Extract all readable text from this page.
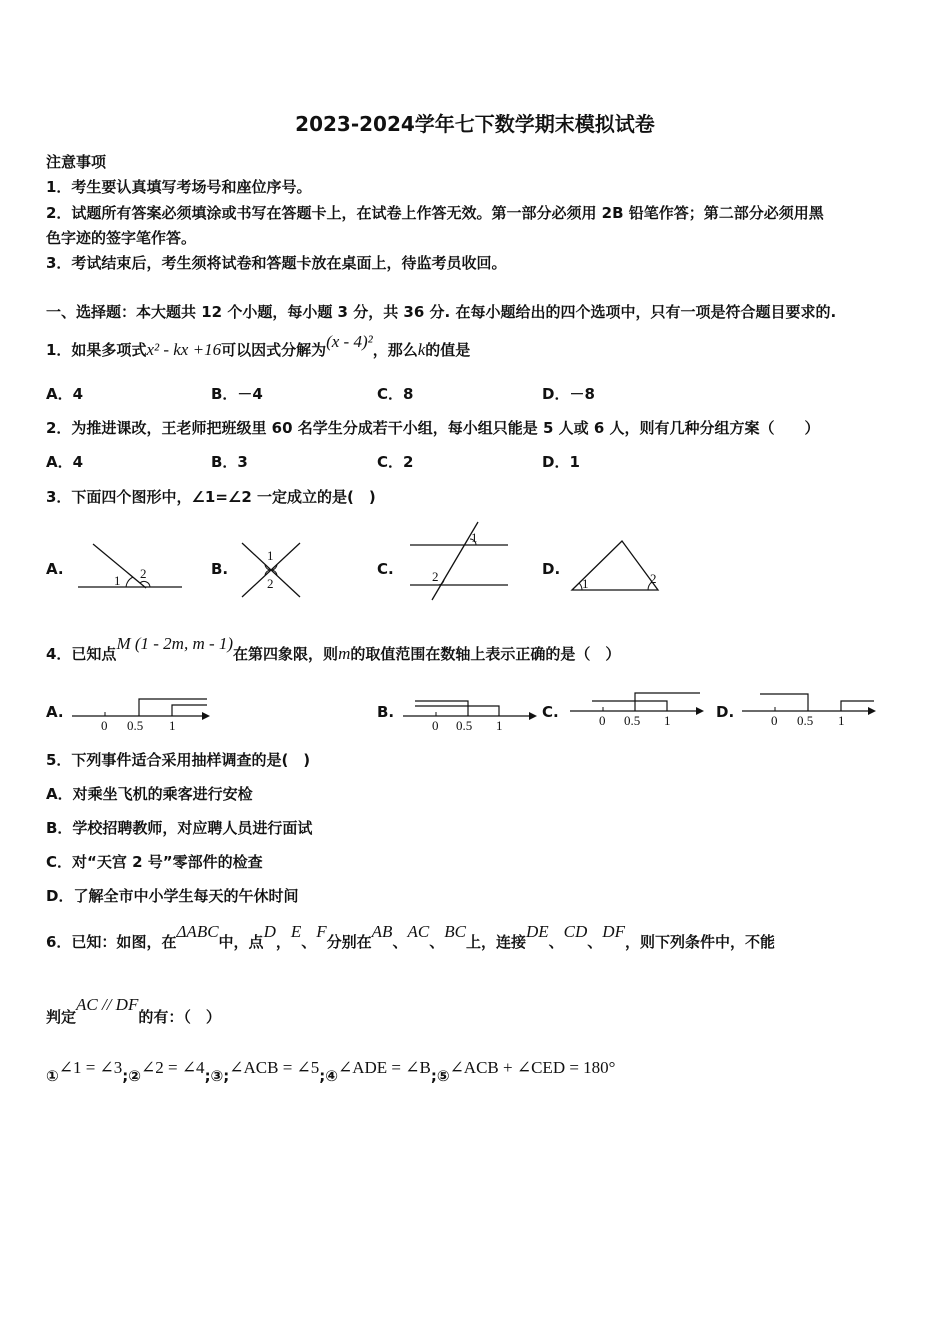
2023-2024学年七下数学期末模拟试卷
注意事项
1．考生要认真填写考场号和座位序号。
2．试题所有答案必须填涂或书写在答题卡上，在试卷上作答无效。第一部分必须用 2B 铅笔作答；第二部分必须用黑
色字迹的签字笔作答。
3．考试结束后，考生须将试卷和答题卡放在桌面上，待监考员收回。
一、选择题：本大题共 12 个小题，每小题 3 分，共 36 分. 在每小题给出的四个选项中，只有一项是符合题目要求的.
1．如果多项式x² - kx +16可以因式分解为(x - 4)²，那么k的值是
A．4	B．－4	C．8	D．－8
2．为推进课改，王老师把班级里 60 名学生分成若干小组，每小组只能是 5 人或 6 人，则有几种分组方案（　　）
A．4	B．3	C．2	D．1
3．下面四个图形中，∠1=∠2 一定成立的是(　)
A.	B.	C.	D.
1 2
1
2
1
2	1	2
4．已知点M (1 - 2m, m - 1)在第四象限，则m的取值范围在数轴上表示正确的是（　）
A.	B.	C.	D.
0 0.5 1	0 0.5 1	0 0.5 1	0 0.5 1
5．下列事件适合采用抽样调查的是(　)
A．对乘坐飞机的乘客进行安检
B．学校招聘教师，对应聘人员进行面试
C．对“天宫 2 号”零部件的检查
D．了解全市中小学生每天的午休时间
6．已知：如图，在ΔABC中，点D，E、F分别在AB、AC、BC上，连接DE、CD、DF，则下列条件中，不能
判定AC // DF的有：（　）
①∠1 = ∠3;②∠2 = ∠4;③;∠ACB = ∠5;④∠ADE = ∠B;⑤∠ACB + ∠CED = 180°
